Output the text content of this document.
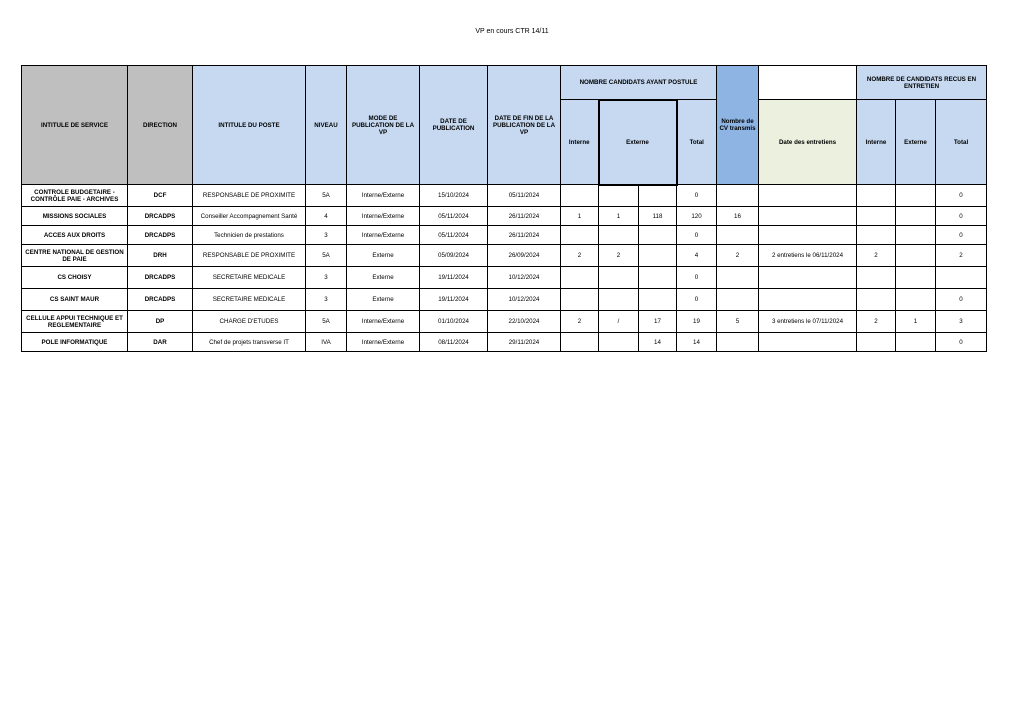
VP en cours CTR 14/11
INTITULE DE SERVICE	DIRECTION	INTITULE DU POSTE	NIVEAU	MODE DE PUBLICATION DE LA VP	DATE DE PUBLICATION	DATE DE FIN DE LA PUBLICATION DE LA VP	NOMBRE CANDIDATS AYANT POSTULE				Nombre de CV transmis		NOMBRE DE CANDIDATS RECUS EN ENTRETIEN		
							Interne	Externe		Total		Date des entretiens	Interne	Externe	Total
CONTROLE BUDGETAIRE - CONTRÔLE PAIE - ARCHIVES	DCF	RESPONSABLE DE PROXIMITE	5A	Interne/Externe	15/10/2024	05/11/2024				0					0
MISSIONS SOCIALES	DRCADPS	Conseiller Accompagnement Santé	4	Interne/Externe	05/11/2024	26/11/2024	1	1	118	120	16				0
ACCES AUX DROITS	DRCADPS	Technicien de prestations	3	Interne/Externe	05/11/2024	26/11/2024				0					0
CENTRE NATIONAL DE GESTION DE PAIE	DRH	RESPONSABLE DE PROXIMITE	5A	Externe	05/09/2024	26/09/2024	2	2		4	2	2 entretiens le 06/11/2024	2		2
CS CHOISY	DRCADPS	SECRETAIRE MEDICALE	3	Externe	19/11/2024	10/12/2024				0					
CS SAINT MAUR	DRCADPS	SECRETAIRE MEDICALE	3	Externe	19/11/2024	10/12/2024				0					0
CELLULE APPUI TECHNIQUE ET REGLEMENTAIRE	DP	CHARGE D'ETUDES	5A	Interne/Externe	01/10/2024	22/10/2024	2	/	17	19	5	3 entretiens le 07/11/2024	2	1	3
POLE INFORMATIQUE	DAR	Chef de projets transverse IT	IVA	Interne/Externe	08/11/2024	29/11/2024			14	14					0
